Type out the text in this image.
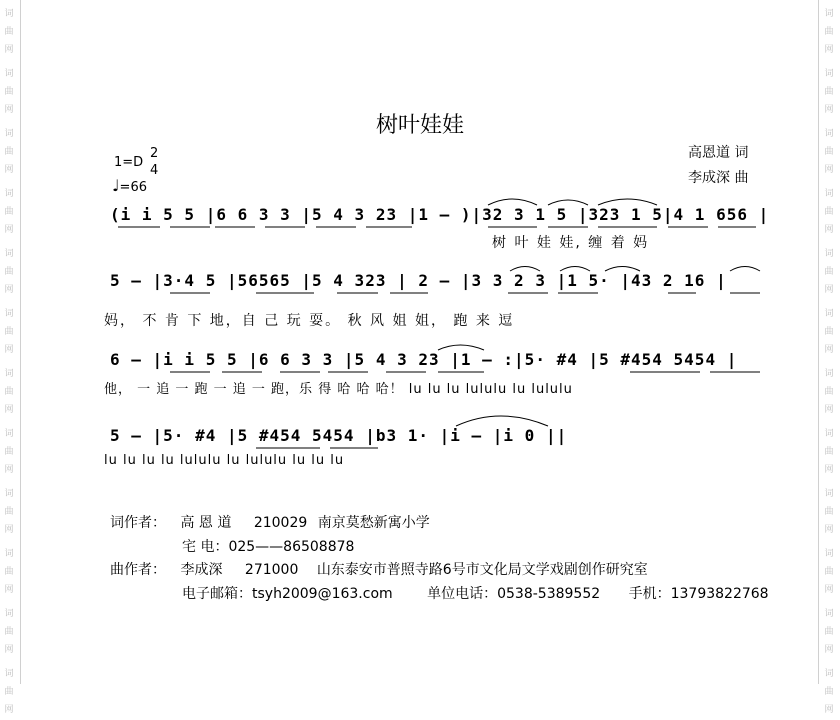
词
曲
网
词
曲
网
词
曲
网
词
曲
网
词
曲
网
词
曲
网
词
曲
网
词
曲
网
词
曲
网
词
曲
网
词
曲
网
词
曲
网
词
曲
网
词
曲
网
词
曲
网
词
曲
网
词
曲
网
词
曲
网
词
曲
网
词
曲
网
词
曲
网
词
曲
网
词
曲
网
词
曲
网
树叶娃娃
高恩道 词
李成深 曲
1=D
2
4
♩=66
(i i 5 5 |6 6 3 3 |5 4 3 23 |1 – )|32 3 1 5 |323 1 5|4 1 656 |
树 叶 娃 娃, 缠 着 妈
5 – |3·4 5 |56565 |5 4 323 | 2 – |3 3 2 3 |1 5· |43 2 16 |
妈， 不 肯 下 地，自 己 玩 耍。 秋 风 姐 姐， 跑 来 逗
6 – |i i 5 5 |6 6 3 3 |5 4 3 23 |1 – :|5· #4 |5 #454 5454 |
他， 一 追 一 跑 一 追 一 跑，乐 得 哈 哈 哈！ lu lu lu lululu lu lululu
5 – |5· #4 |5 #454 5454 |b3 1· |i – |i 0 ||
lu lu lu lu lululu lu lululu lu lu lu
词作者： 高 恩 道 210029 南京莫愁新寓小学
宅 电：025——86508878
曲作者： 李成深 271000 山东泰安市普照寺路6号市文化局文学戏剧创作研究室
电子邮箱：tsyh2009@163.com 单位电话：0538-5389552 手机：13793822768
